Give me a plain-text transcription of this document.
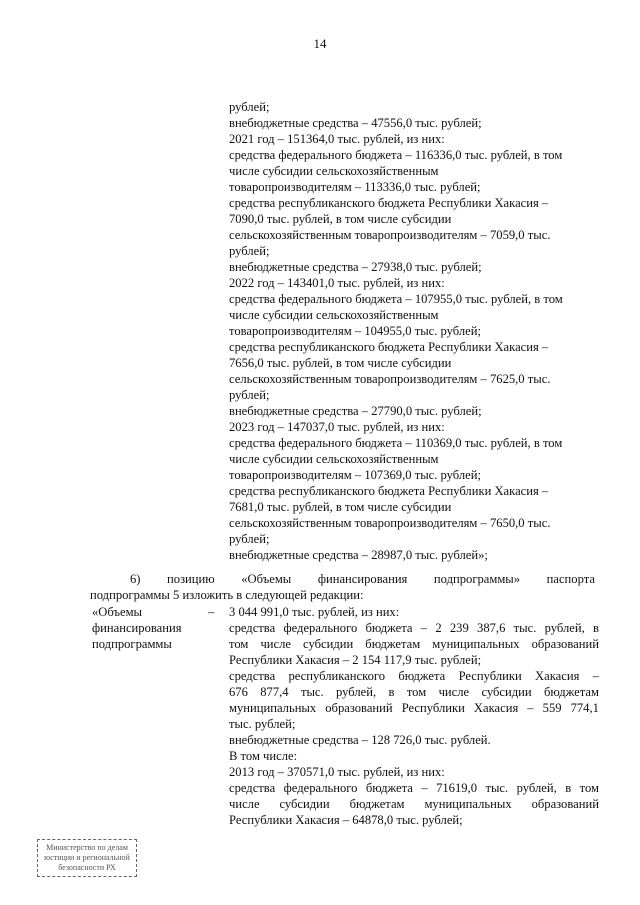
14
рублей;
внебюджетные средства – 47556,0 тыс. рублей;
2021 год – 151364,0 тыс. рублей, из них:
средства федерального бюджета – 116336,0 тыс. рублей, в том
числе субсидии сельскохозяйственным
товаропроизводителям – 113336,0 тыс. рублей;
средства республиканского бюджета Республики Хакасия –
7090,0 тыс. рублей, в том числе субсидии
сельскохозяйственным товаропроизводителям – 7059,0 тыс.
рублей;
внебюджетные средства – 27938,0 тыс. рублей;
2022 год – 143401,0 тыс. рублей, из них:
средства федерального бюджета – 107955,0 тыс. рублей, в том
числе субсидии сельскохозяйственным
товаропроизводителям – 104955,0 тыс. рублей;
средства республиканского бюджета Республики Хакасия –
7656,0 тыс. рублей, в том числе субсидии
сельскохозяйственным товаропроизводителям – 7625,0 тыс.
рублей;
внебюджетные средства – 27790,0 тыс. рублей;
2023 год – 147037,0 тыс. рублей, из них:
средства федерального бюджета – 110369,0 тыс. рублей, в том
числе субсидии сельскохозяйственным
товаропроизводителям – 107369,0 тыс. рублей;
средства республиканского бюджета Республики Хакасия –
7681,0 тыс. рублей, в том числе субсидии
сельскохозяйственным товаропроизводителям – 7650,0 тыс.
рублей;
внебюджетные средства – 28987,0 тыс. рублей»;
6) позицию «Объемы финансирования подпрограммы» паспорта
подпрограммы 5 изложить в следующей редакции:
«Объемы
финансирования
подпрограммы
– 3 044 991,0 тыс. рублей, из них:
средства федерального бюджета – 2 239 387,6 тыс. рублей, в
том числе субсидии бюджетам муниципальных образований
Республики Хакасия – 2 154 117,9 тыс. рублей;
средства республиканского бюджета Республики Хакасия –
676 877,4 тыс. рублей, в том числе субсидии бюджетам
муниципальных образований Республики Хакасия – 559 774,1
тыс. рублей;
внебюджетные средства – 128 726,0 тыс. рублей.
В том числе:
2013 год – 370571,0 тыс. рублей, из них:
средства федерального бюджета – 71619,0 тыс. рублей, в том
числе субсидии бюджетам муниципальных образований
Республики Хакасия – 64878,0 тыс. рублей;
Министерство по делам
юстиции и региональной
безопасности РХ
